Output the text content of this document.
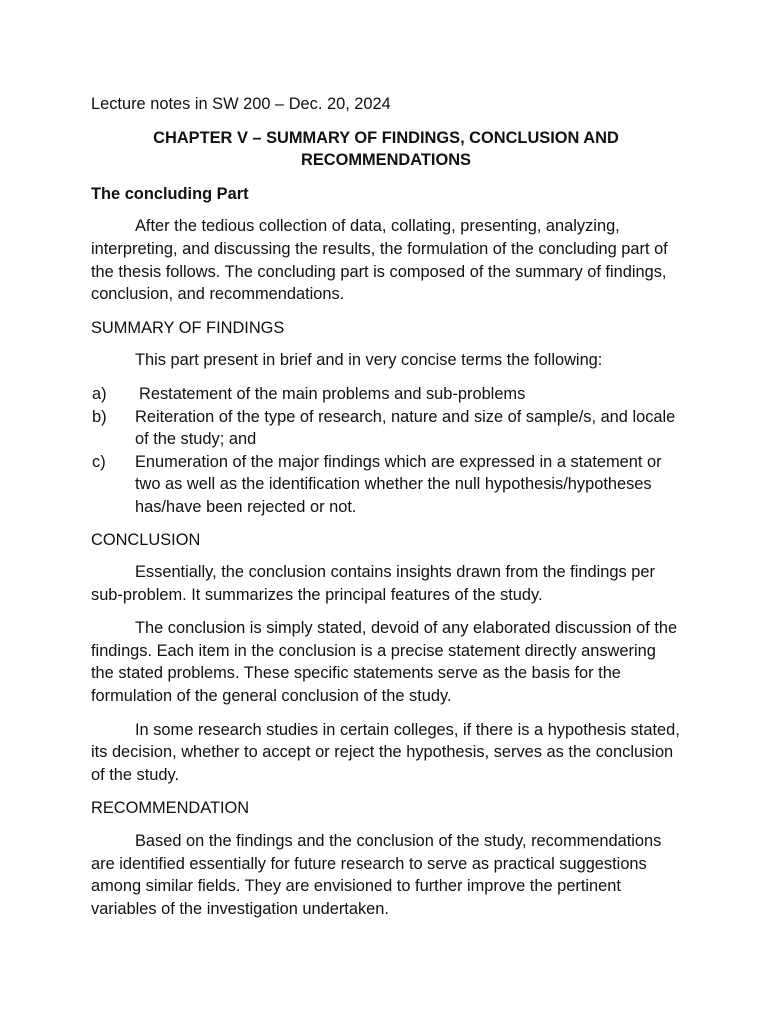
Lecture notes in SW 200 – Dec. 20, 2024
CHAPTER V – SUMMARY OF FINDINGS, CONCLUSION AND
RECOMMENDATIONS
The concluding Part

After the tedious collection of data, collating, presenting, analyzing, interpreting, and discussing the results, the formulation of the concluding part of the thesis follows. The concluding part is composed of the summary of findings, conclusion, and recommendations.

SUMMARY OF FINDINGS

This part present in brief and in very concise terms the following:

a) Restatement of the main problems and sub-problems
b) Reiteration of the type of research, nature and size of sample/s, and locale of the study; and
c) Enumeration of the major findings which are expressed in a statement or two as well as the identification whether the null hypothesis/hypotheses has/have been rejected or not.
CONCLUSION

Essentially, the conclusion contains insights drawn from the findings per sub-problem. It summarizes the principal features of the study.

The conclusion is simply stated, devoid of any elaborated discussion of the findings. Each item in the conclusion is a precise statement directly answering the stated problems. These specific statements serve as the basis for the formulation of the general conclusion of the study.

In some research studies in certain colleges, if there is a hypothesis stated, its decision, whether to accept or reject the hypothesis, serves as the conclusion of the study.

RECOMMENDATION

Based on the findings and the conclusion of the study, recommendations are identified essentially for future research to serve as practical suggestions among similar fields. They are envisioned to further improve the pertinent variables of the investigation undertaken.
